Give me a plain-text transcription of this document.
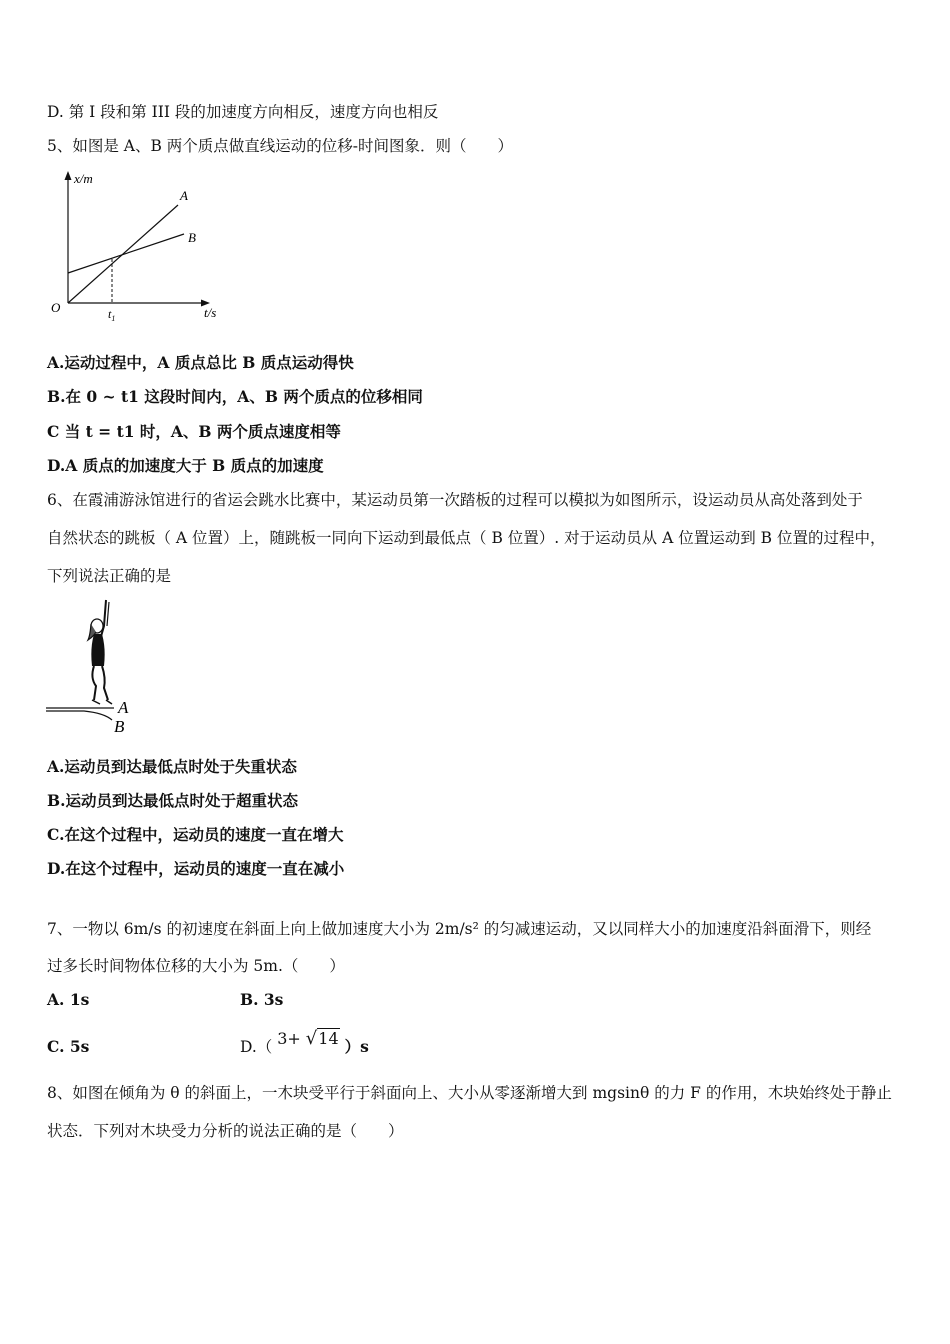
D. 第 I 段和第 III 段的加速度方向相反，速度方向也相反
5、如图是 A、B 两个质点做直线运动的位移-时间图象．则（　　）
x/m
t/s
O	$t_1$
A
B
A.运动过程中，A 质点总比 B 质点运动得快
B.在 0 ~ t1 这段时间内，A、B 两个质点的位移相同
C 当 t = t1 时，A、B 两个质点速度相等
D.A 质点的加速度大于 B 质点的加速度
6、在霞浦游泳馆进行的省运会跳水比赛中，某运动员第一次踏板的过程可以模拟为如图所示，设运动员从高处落到处于
自然状态的跳板（ A 位置）上，随跳板一同向下运动到最低点（ B 位置）. 对于运动员从 A 位置运动到 B 位置的过程中，
下列说法正确的是
A
B
A.运动员到达最低点时处于失重状态
B.运动员到达最低点时处于超重状态
C.在这个过程中，运动员的速度一直在增大
D.在这个过程中，运动员的速度一直在减小
7、一物以 6m/s 的初速度在斜面上向上做加速度大小为 2m/s² 的匀减速运动，又以同样大小的加速度沿斜面滑下，则经
过多长时间物体位移的大小为 5m.（　　）
A. 1s	B. 3s
C. 5s	D.（ 3+ √14 ）s
8、如图在倾角为 θ 的斜面上，一木块受平行于斜面向上、大小从零逐渐增大到 mgsinθ 的力 F 的作用，木块始终处于静止
状态．下列对木块受力分析的说法正确的是（　　）
